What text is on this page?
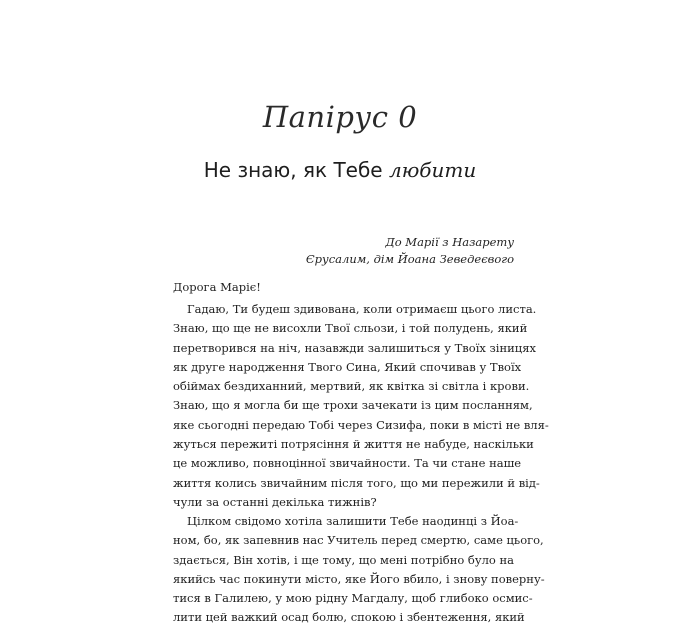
Папірус 0
Не знаю, як Тебе любити
До Марії з Назарету
Єрусалим, дім Йоана Зеведеєвого
Дорога Маріє!
Гадаю, Ти будеш здивована, коли отримаєш цього листа.
Знаю, що ще не висохли Твої сльози, і той полудень, який
перетворився на ніч, назавжди залишиться у Твоїх зіницях
як друге народження Твого Сина, Який спочивав у Твоїх
обіймах бездиханний, мертвий, як квітка зі світла і крови.
Знаю, що я могла би ще трохи зачекати із цим посланням,
яке сьогодні передаю Тобі через Сизифа, поки в місті не вля-
жуться пережиті потрясіння й життя не набуде, наскільки
це можливо, повноцінної звичайности. Та чи стане наше
життя колись звичайним після того, що ми пережили й від-
чули за останні декілька тижнів?
Цілком свідомо хотіла залишити Тебе наодинці з Йоа-
ном, бо, як запевнив нас Учитель перед смертю, саме цього,
здається, Він хотів, і ще тому, що мені потрібно було на
якийсь час покинути місто, яке Його вбило, і знову поверну-
тися в Галилею, у мою рідну Магдалу, щоб глибоко осмис-
лити цей важкий осад болю, спокою і збентеження, який
